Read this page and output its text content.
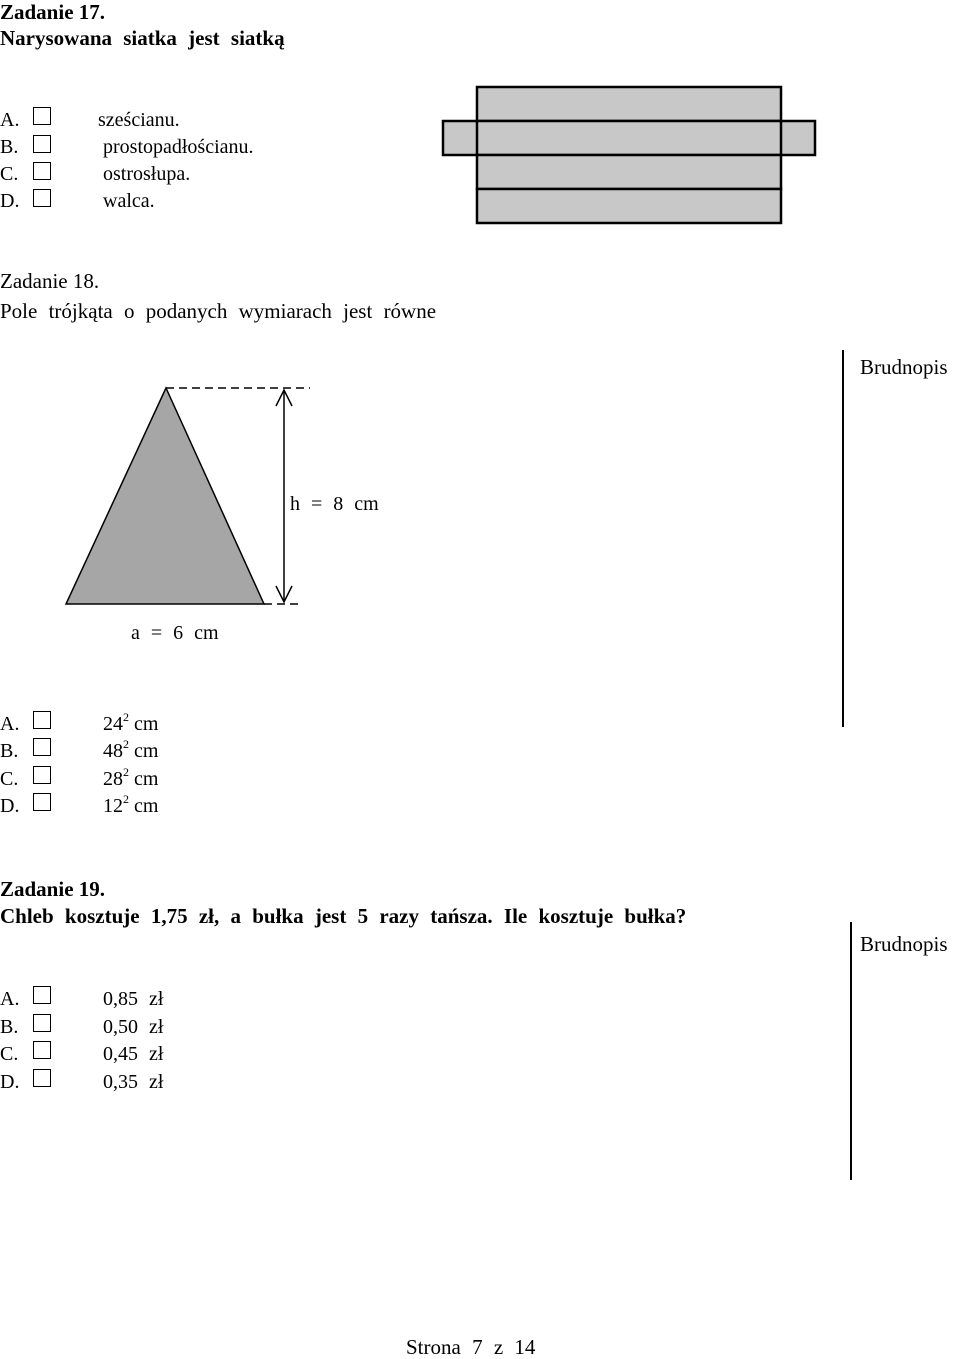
Zadanie 17.
Narysowana siatka jest siatką
A.	sześcianu.
B.	prostopadłościanu.
C.	ostrosłupa.
D.	walca.
Zadanie 18.
Pole trójkąta o podanych wymiarach jest równe
Brudnopis
h = 8 cm
a = 6 cm
A.	$24^2$ cm
B.	$48^2$ cm
C.	$28^2$ cm
D.	$12^2$ cm
Zadanie 19.
Chleb kosztuje 1,75 zł, a bułka jest 5 razy tańsza. Ile kosztuje bułka?
Brudnopis
A.	0,85 zł
B.	0,50 zł
C.	0,45 zł
D.	0,35 zł
Strona 7 z 14
